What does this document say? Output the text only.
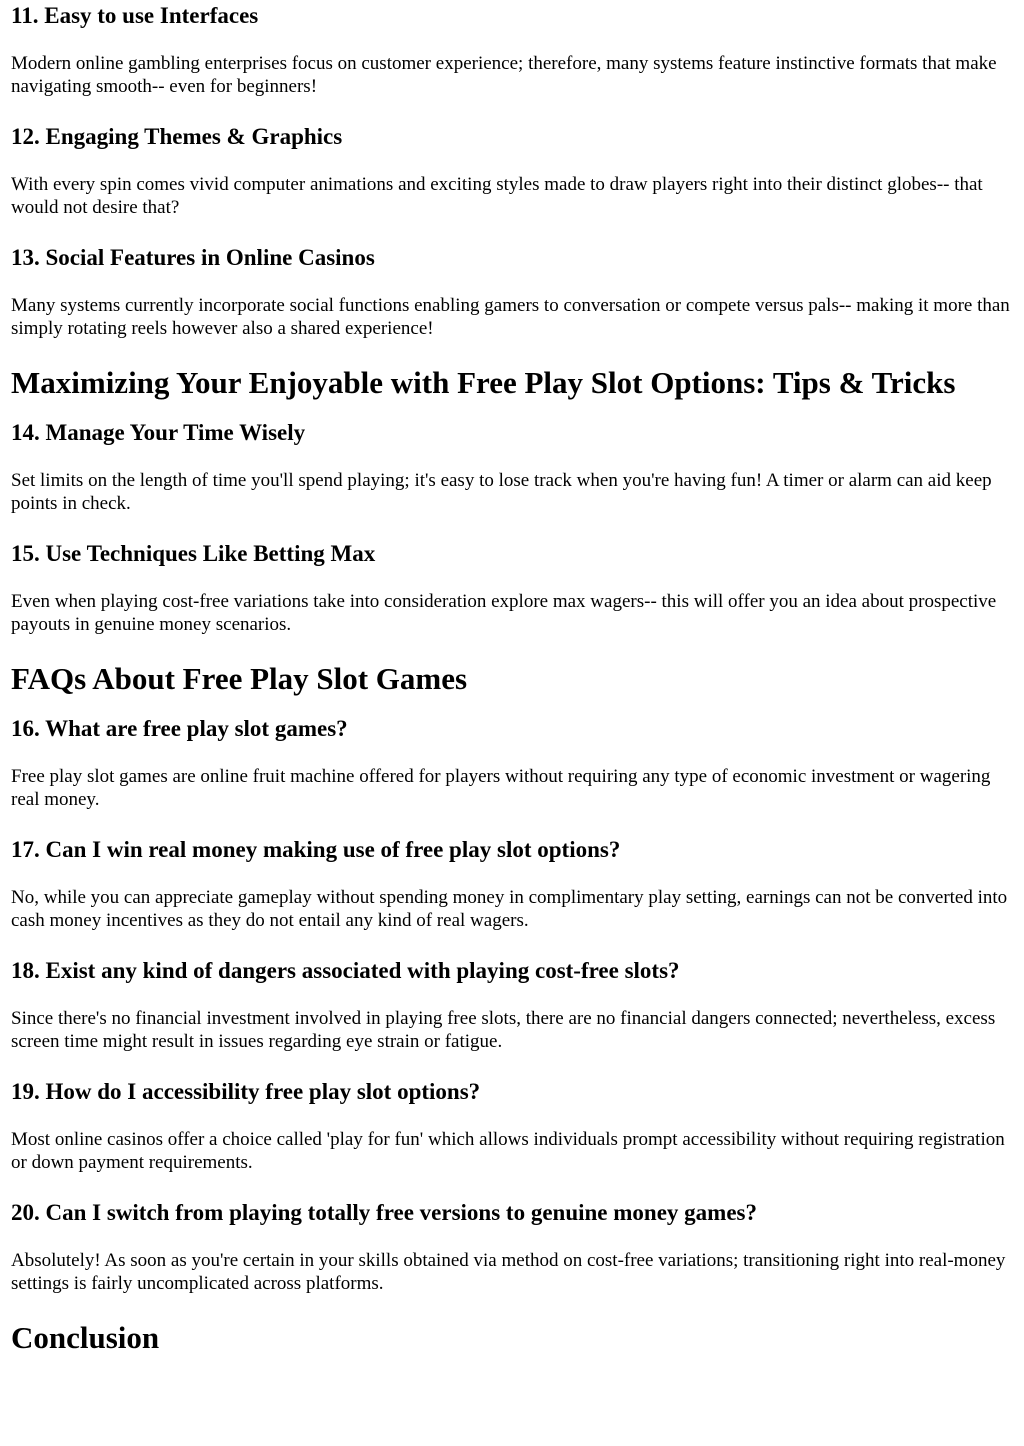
11. Easy to use Interfaces

Modern online gambling enterprises focus on customer experience; therefore, many systems feature instinctive formats that make navigating smooth-- even for beginners!

12. Engaging Themes & Graphics

With every spin comes vivid computer animations and exciting styles made to draw players right into their distinct globes-- that would not desire that?

13. Social Features in Online Casinos

Many systems currently incorporate social functions enabling gamers to conversation or compete versus pals-- making it more than simply rotating reels however also a shared experience!

Maximizing Your Enjoyable with Free Play Slot Options: Tips & Tricks
14. Manage Your Time Wisely

Set limits on the length of time you'll spend playing; it's easy to lose track when you're having fun! A timer or alarm can aid keep points in check.

15. Use Techniques Like Betting Max

Even when playing cost-free variations take into consideration explore max wagers-- this will offer you an idea about prospective payouts in genuine money scenarios.

FAQs About Free Play Slot Games
16. What are free play slot games?

Free play slot games are online fruit machine offered for players without requiring any type of economic investment or wagering real money.

17. Can I win real money making use of free play slot options?

No, while you can appreciate gameplay without spending money in complimentary play setting, earnings can not be converted into cash money incentives as they do not entail any kind of real wagers.

18. Exist any kind of dangers associated with playing cost-free slots?

Since there's no financial investment involved in playing free slots, there are no financial dangers connected; nevertheless, excess screen time might result in issues regarding eye strain or fatigue.

19. How do I accessibility free play slot options?

Most online casinos offer a choice called 'play for fun' which allows individuals prompt accessibility without requiring registration or down payment requirements.

20. Can I switch from playing totally free versions to genuine money games?

Absolutely! As soon as you're certain in your skills obtained via method on cost-free variations; transitioning right into real-money settings is fairly uncomplicated across platforms.

Conclusion
